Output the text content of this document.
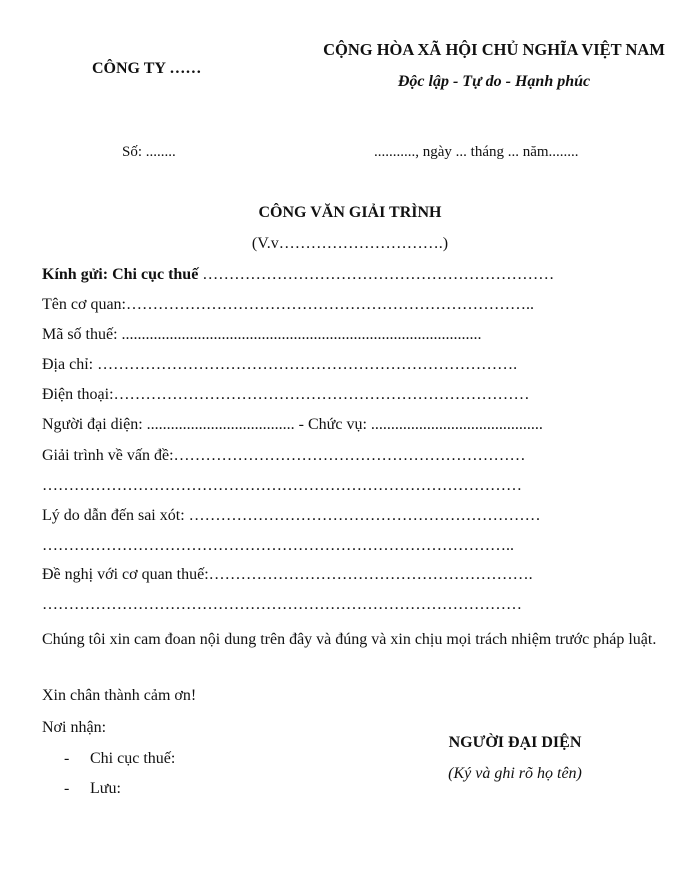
CÔNG TY ……
CỘNG HÒA XÃ HỘI CHỦ NGHĨA VIỆT NAM
Độc lập - Tự do - Hạnh phúc
Số: ........	..........., ngày ... tháng ... năm........
CÔNG VĂN GIẢI TRÌNH
(V.v………………………….)
Kính gửi: Chi cục thuế …………………………………………………………
Tên cơ quan:…………………………………………………………………..
Mã số thuế: ..........................................................................................
Địa chỉ: …………………………………………………………………….
Điện thoại:……………………………………………………………………
Người đại diện: ..................................... - Chức vụ: ...........................................
Giải trình về vấn đề:…………………………………………………………
………………………………………………………………………………
Lý do dẫn đến sai xót: …………………………………………………………
……………………………………………………………………………..
Đề nghị với cơ quan thuế:…………………………………………………….
………………………………………………………………………………
Chúng tôi xin cam đoan nội dung trên đây và đúng và xin chịu mọi trách nhiệm trước pháp luật.
Xin chân thành cảm ơn!
Nơi nhận:
- Chi cục thuế:
- Lưu:
NGƯỜI ĐẠI DIỆN
(Ký và ghi rõ họ tên)
